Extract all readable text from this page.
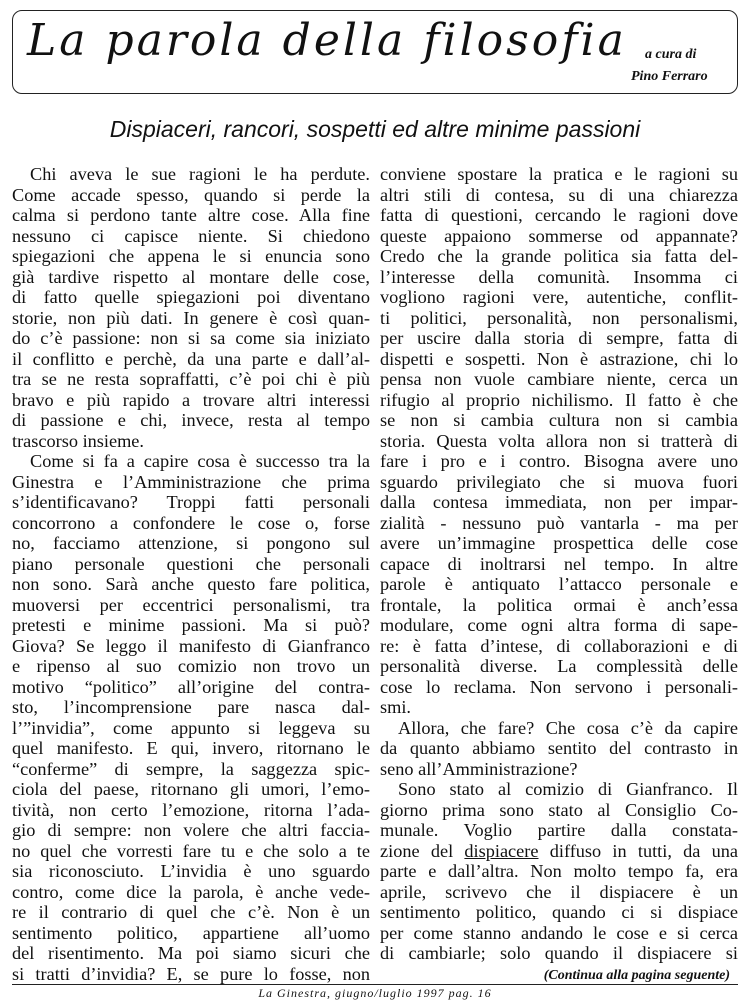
La parola della filosofia a cura di
Pino Ferraro
Dispiaceri, rancori, sospetti ed altre minime passioni
Chi aveva le sue ragioni le ha perdute.
Come accade spesso, quando si perde la
calma si perdono tante altre cose. Alla fine
nessuno ci capisce niente. Si chiedono
spiegazioni che appena le si enuncia sono
già tardive rispetto al montare delle cose,
di fatto quelle spiegazioni poi diventano
storie, non più dati. In genere è così quan-
do c’è passione: non si sa come sia iniziato
il conflitto e perchè, da una parte e dall’al-
tra se ne resta sopraffatti, c’è poi chi è più
bravo e più rapido a trovare altri interessi
di passione e chi, invece, resta al tempo
trascorso insieme.
Come si fa a capire cosa è successo tra la
Ginestra e l’Amministrazione che prima
s’identificavano? Troppi fatti personali
concorrono a confondere le cose o, forse
no, facciamo attenzione, si pongono sul
piano personale questioni che personali
non sono. Sarà anche questo fare politica,
muoversi per eccentrici personalismi, tra
pretesti e minime passioni. Ma si può?
Giova? Se leggo il manifesto di Gianfranco
e ripenso al suo comizio non trovo un
motivo “politico” all’origine del contra-
sto, l’incomprensione pare nasca dal-
l’”invidia”, come appunto si leggeva su
quel manifesto. E qui, invero, ritornano le
“conferme” di sempre, la saggezza spic-
ciola del paese, ritornano gli umori, l’emo-
tività, non certo l’emozione, ritorna l’ada-
gio di sempre: non volere che altri faccia-
no quel che vorresti fare tu e che solo a te
sia riconosciuto. L’invidia è uno sguardo
contro, come dice la parola, è anche vede-
re il contrario di quel che c’è. Non è un
sentimento politico, appartiene all’uomo
del risentimento. Ma poi siamo sicuri che
si tratti d’invidia? E, se pure lo fosse, non
conviene spostare la pratica e le ragioni su
altri stili di contesa, su di una chiarezza
fatta di questioni, cercando le ragioni dove
queste appaiono sommerse od appannate?
Credo che la grande politica sia fatta del-
l’interesse della comunità. Insomma ci
vogliono ragioni vere, autentiche, conflit-
ti politici, personalità, non personalismi,
per uscire dalla storia di sempre, fatta di
dispetti e sospetti. Non è astrazione, chi lo
pensa non vuole cambiare niente, cerca un
rifugio al proprio nichilismo. Il fatto è che
se non si cambia cultura non si cambia
storia. Questa volta allora non si tratterà di
fare i pro e i contro. Bisogna avere uno
sguardo privilegiato che si muova fuori
dalla contesa immediata, non per impar-
zialità - nessuno può vantarla - ma per
avere un’immagine prospettica delle cose
capace di inoltrarsi nel tempo. In altre
parole è antiquato l’attacco personale e
frontale, la politica ormai è anch’essa
modulare, come ogni altra forma di sape-
re: è fatta d’intese, di collaborazioni e di
personalità diverse. La complessità delle
cose lo reclama. Non servono i personali-
smi.
Allora, che fare? Che cosa c’è da capire
da quanto abbiamo sentito del contrasto in
seno all’Amministrazione?
Sono stato al comizio di Gianfranco. Il
giorno prima sono stato al Consiglio Co-
munale. Voglio partire dalla constata-
zione del dispiacere diffuso in tutti, da una
parte e dall’altra. Non molto tempo fa, era
aprile, scrivevo che il dispiacere è un
sentimento politico, quando ci si dispiace
per come stanno andando le cose e si cerca
di cambiarle; solo quando il dispiacere si
(Continua alla pagina seguente)
La Ginestra, giugno/luglio 1997 pag. 16
